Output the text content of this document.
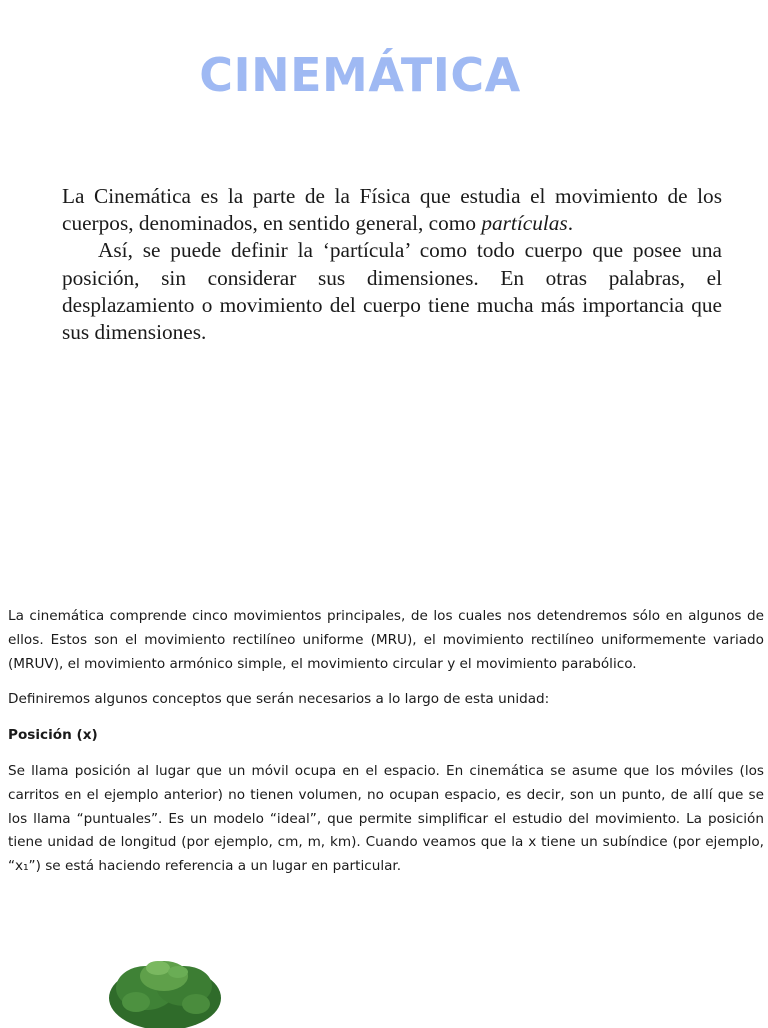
CINEMÁTICA

La Cinemática es la parte de la Física que estudia el movimiento de los cuerpos, denominados, en sentido general, como partículas.

Así, se puede definir la ‘partícula’ como todo cuerpo que posee una posición, sin considerar sus dimensiones. En otras palabras, el desplazamiento o movimiento del cuerpo tiene mucha más importancia que sus dimensiones.

La cinemática comprende cinco movimientos principales, de los cuales nos detendremos sólo en algunos de ellos. Estos son el movimiento rectilíneo uniforme (MRU), el movimiento rectilíneo uniformemente variado (MRUV), el movimiento armónico simple, el movimiento circular y el movimiento parabólico.

Definiremos algunos conceptos que serán necesarios a lo largo de esta unidad:

Posición (x)

Se llama posición al lugar que un móvil ocupa en el espacio. En cinemática se asume que los móviles (los carritos en el ejemplo anterior) no tienen volumen, no ocupan espacio, es decir, son un punto, de allí que se los llama “puntuales”. Es un modelo “ideal”, que permite simplificar el estudio del movimiento. La posición tiene unidad de longitud (por ejemplo, cm, m, km). Cuando veamos que la x tiene un subíndice (por ejemplo, “x₁”) se está haciendo referencia a un lugar en particular.
